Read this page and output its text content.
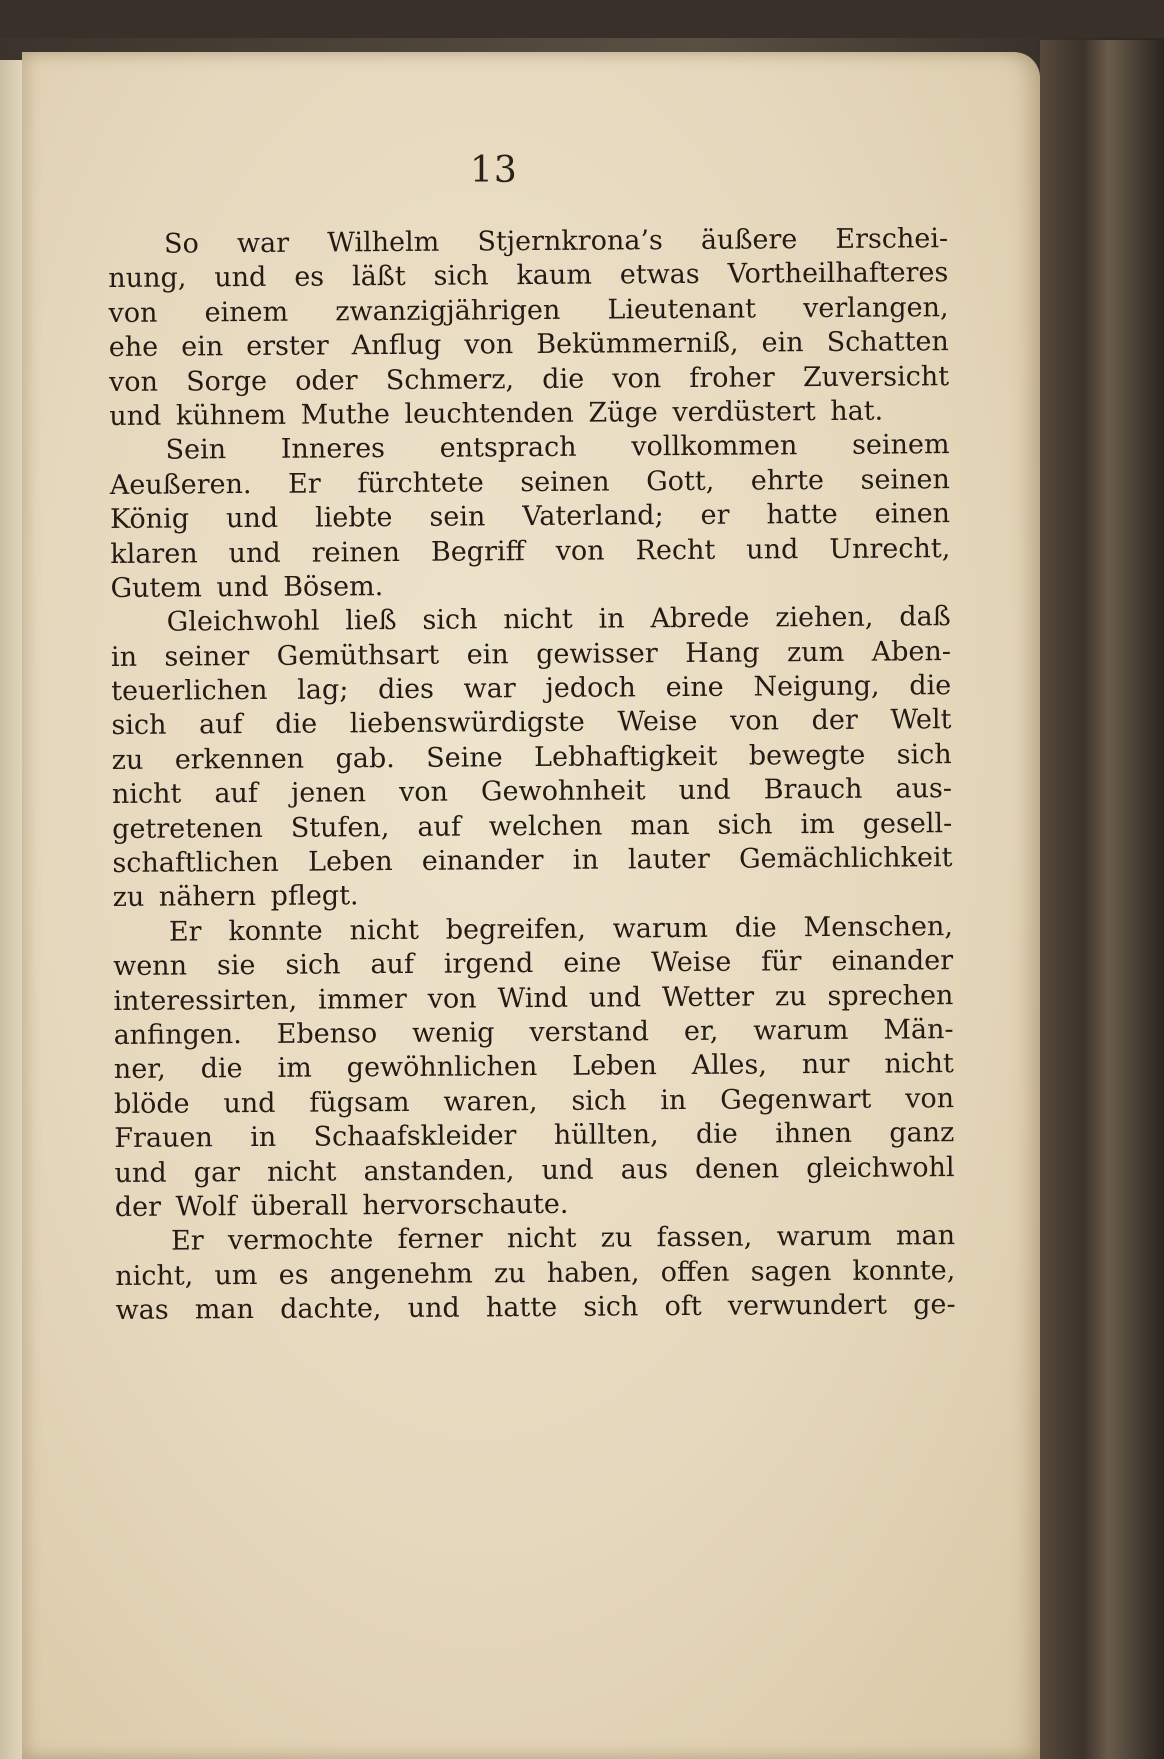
13
So war Wilhelm Stjernkrona’s äußere Erschei-
nung, und es läßt sich kaum etwas Vortheilhafteres
von einem zwanzigjährigen Lieutenant verlangen,
ehe ein erster Anflug von Bekümmerniß, ein Schatten
von Sorge oder Schmerz, die von froher Zuversicht
und kühnem Muthe leuchtenden Züge verdüstert hat.
Sein Inneres entsprach vollkommen seinem
Aeußeren. Er fürchtete seinen Gott, ehrte seinen
König und liebte sein Vaterland; er hatte einen
klaren und reinen Begriff von Recht und Unrecht,
Gutem und Bösem.
Gleichwohl ließ sich nicht in Abrede ziehen, daß
in seiner Gemüthsart ein gewisser Hang zum Aben-
teuerlichen lag; dies war jedoch eine Neigung, die
sich auf die liebenswürdigste Weise von der Welt
zu erkennen gab. Seine Lebhaftigkeit bewegte sich
nicht auf jenen von Gewohnheit und Brauch aus-
getretenen Stufen, auf welchen man sich im gesell-
schaftlichen Leben einander in lauter Gemächlichkeit
zu nähern pflegt.
Er konnte nicht begreifen, warum die Menschen,
wenn sie sich auf irgend eine Weise für einander
interessirten, immer von Wind und Wetter zu sprechen
anfingen. Ebenso wenig verstand er, warum Män-
ner, die im gewöhnlichen Leben Alles, nur nicht
blöde und fügsam waren, sich in Gegenwart von
Frauen in Schaafskleider hüllten, die ihnen ganz
und gar nicht anstanden, und aus denen gleichwohl
der Wolf überall hervorschaute.
Er vermochte ferner nicht zu fassen, warum man
nicht, um es angenehm zu haben, offen sagen konnte,
was man dachte, und hatte sich oft verwundert ge-
